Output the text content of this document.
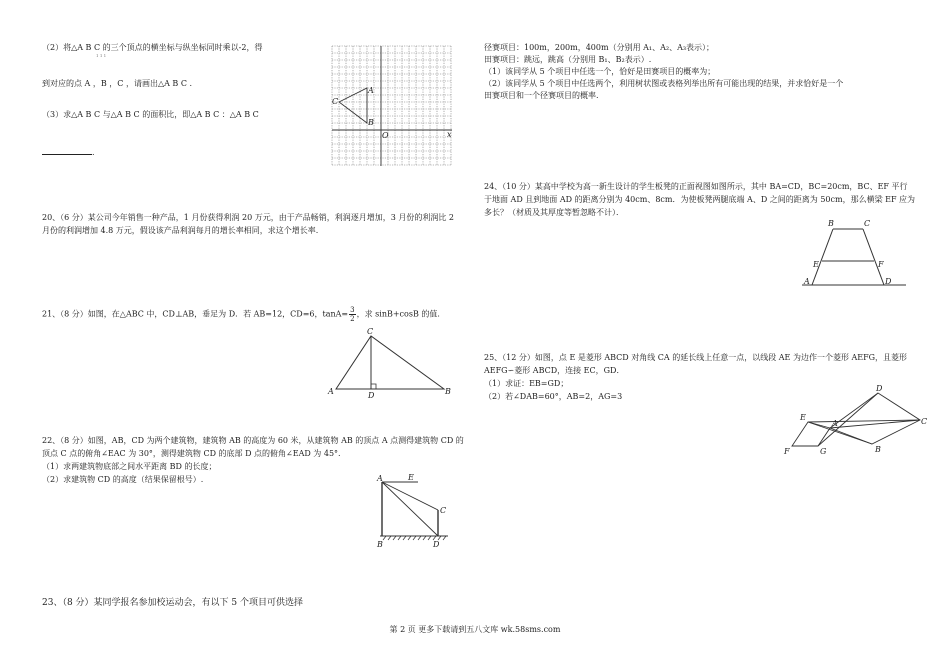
（2）将△A B C 的三个顶点的横坐标与纵坐标同时乘以-2，得
1 1 1
到对应的点 A ，B ，C ，请画出△A B C .
（3）求△A B C 与△A B C 的面积比，即△A B C ：△A B C
.
A
B
C
O	x
20、（6 分）某公司今年销售一种产品，1 月份获得利润 20 万元，由于产品畅销，利润逐月增加，3 月份的利润比 2
月份的利润增加 4.8 万元，假设该产品利润每月的增长率相同，求这个增长率.
21、（8 分）如图，在△ABC 中，CD⊥AB，垂足为 D．若 AB=12，CD=6，$\tan A= \frac{3}{2}$ ，求 sinB+cosB 的值．
C
A	D	B
22、（8 分）如图，AB，CD 为两个建筑物，建筑物 AB 的高度为 60 米，从建筑物 AB 的顶点 A 点测得建筑物 CD 的
顶点 C 点的俯角∠EAC 为 30°，测得建筑物 CD 的底部 D 点的俯角∠EAD 为 45°.
（1）求两建筑物底部之间水平距离 BD 的长度；
（2）求建筑物 CD 的高度（结果保留根号）.	A	E
C
B	D
23、（8 分）某同学报名参加校运动会，有以下 5 个项目可供选择
径赛项目：100m，200m，400m（分别用 A₁、A₂、A₃表示）；
田赛项目：跳远，跳高（分别用 B₁、B₂表示）.
（1）该同学从 5 个项目中任选一个，恰好是田赛项目的概率为；
（2）该同学从 5 个项目中任选两个，利用树状图或表格列举出所有可能出现的结果，并求恰好是一个
田赛项目和一个径赛项目的概率.
24、（10 分）某高中学校为高一新生设计的学生板凳的正面视图如图所示，其中 BA=CD，BC=20cm，BC、EF 平行
于地面 AD 且到地面 AD 的距离分别为 40cm、8cm．为使板凳两腿底端 A、D 之间的距离为 50cm，那么横梁 EF 应为
多长？（材质及其厚度等暂忽略不计）．
B	C
E	F
A	D
25、（12 分）如图，点 E 是菱形 ABCD 对角线 CA 的延长线上任意一点，以线段 AE 为边作一个菱形 AEFG，且菱形
AEFG∽菱形 ABCD，连接 EC，GD．
（1）求证：EB=GD；
（2）若∠DAB=60°，AB=2，AG=3
D
C
B
A
E
F	G
第 2 页 更多下载请到五八文库 wk.58sms.com
